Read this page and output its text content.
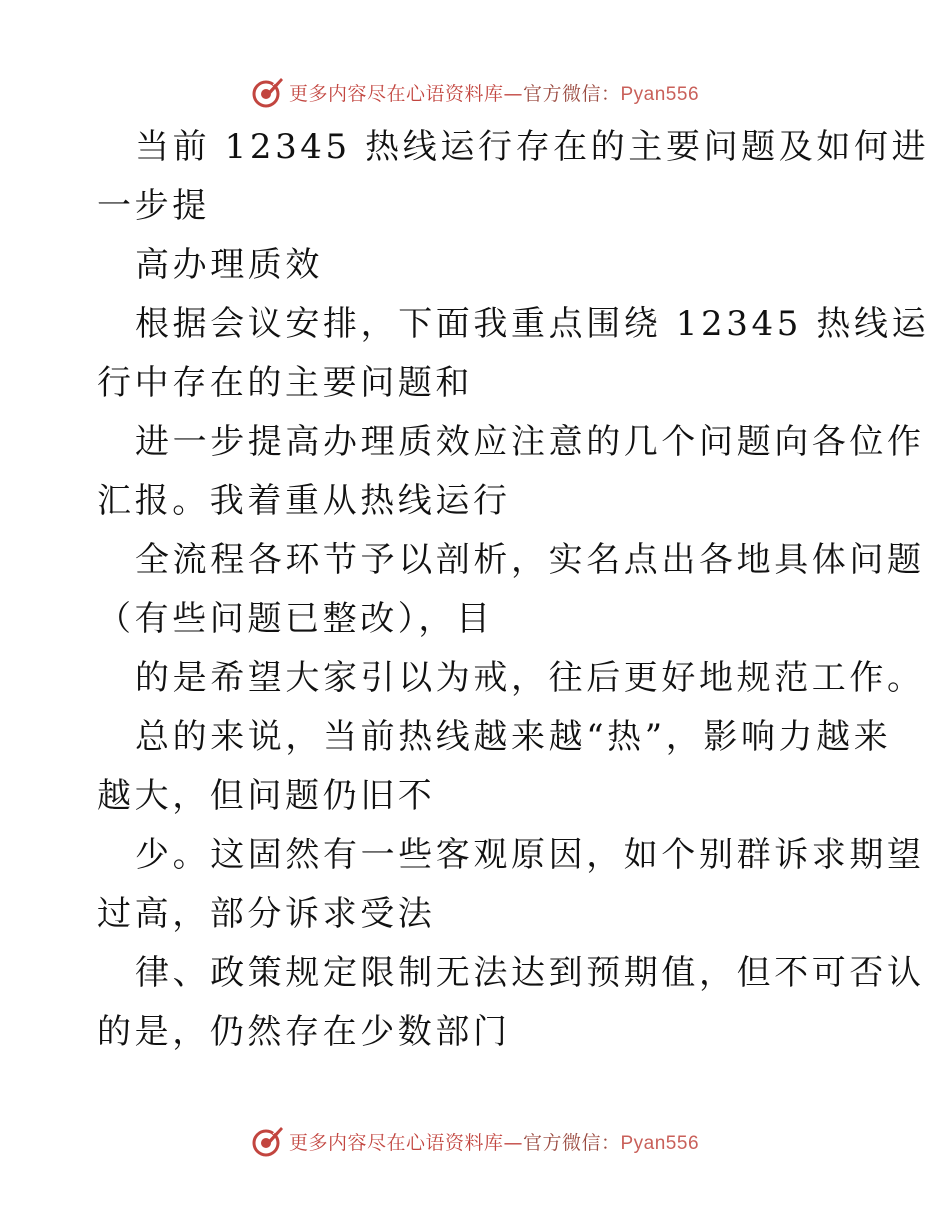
更多内容尽在心语资料库—官方微信：Pyan556
当前 12345 热线运行存在的主要问题及如何进
一步提
高办理质效
根据会议安排，下面我重点围绕 12345 热线运
行中存在的主要问题和
进一步提高办理质效应注意的几个问题向各位作
汇报。我着重从热线运行
全流程各环节予以剖析，实名点出各地具体问题
（有些问题已整改），目
的是希望大家引以为戒，往后更好地规范工作。
总的来说，当前热线越来越“热”，影响力越来
越大，但问题仍旧不
少。这固然有一些客观原因，如个别群诉求期望
过高，部分诉求受法
律、政策规定限制无法达到预期值，但不可否认
的是，仍然存在少数部门
更多内容尽在心语资料库—官方微信：Pyan556
